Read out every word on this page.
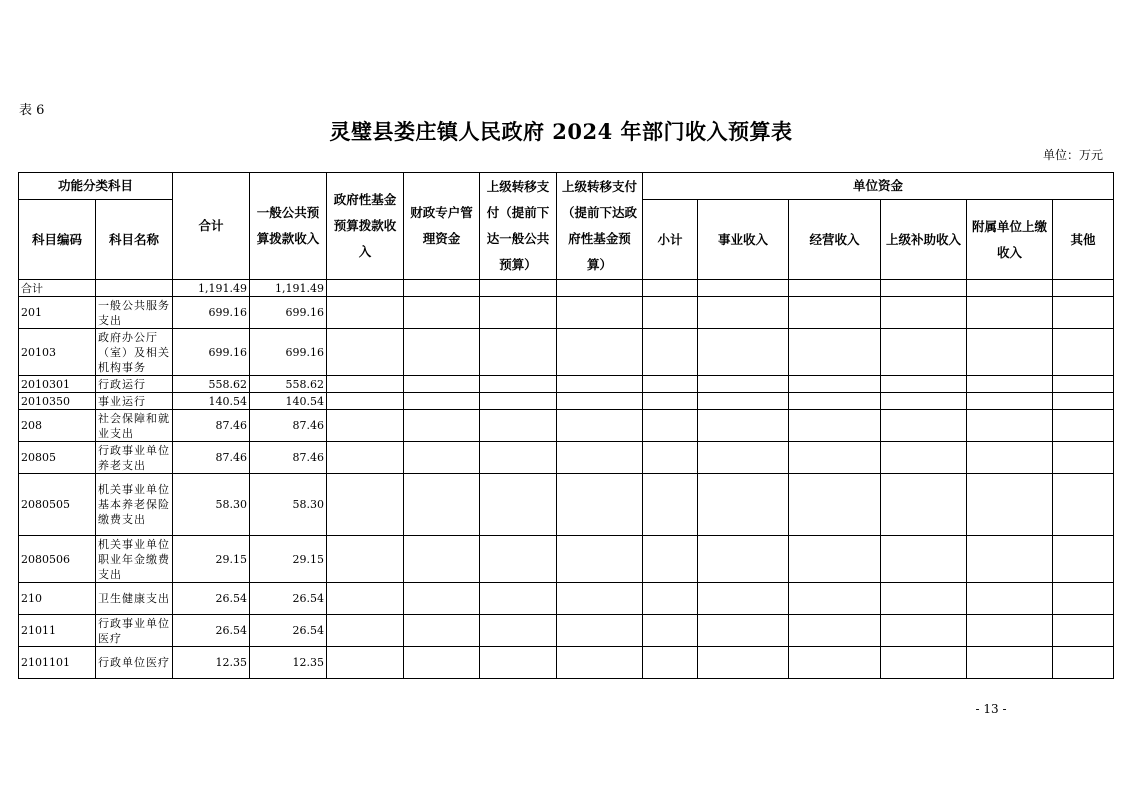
表 6
灵璧县娄庄镇人民政府 2024 年部门收入预算表
单位：万元
功能分类科目		合计	一般公共预算拨款收入	政府性基金预算拨款收入	财政专户管理资金	上级转移支付（提前下达一般公共预算）	上级转移支付（提前下达政府性基金预算）	单位资金					
科目编码	科目名称							小计	事业收入	经营收入	上级补助收入	附属单位上缴收入	其他
合计		1,191.49	1,191.49										
201	一般公共服务支出	699.16	699.16										
20103	政府办公厅（室）及相关机构事务	699.16	699.16										
2010301	行政运行	558.62	558.62										
2010350	事业运行	140.54	140.54										
208	社会保障和就业支出	87.46	87.46										
20805	行政事业单位养老支出	87.46	87.46										
2080505	机关事业单位基本养老保险缴费支出	58.30	58.30										
2080506	机关事业单位职业年金缴费支出	29.15	29.15										
210	卫生健康支出	26.54	26.54										
21011	行政事业单位医疗	26.54	26.54										
2101101	行政单位医疗	12.35	12.35										
- 13 -
